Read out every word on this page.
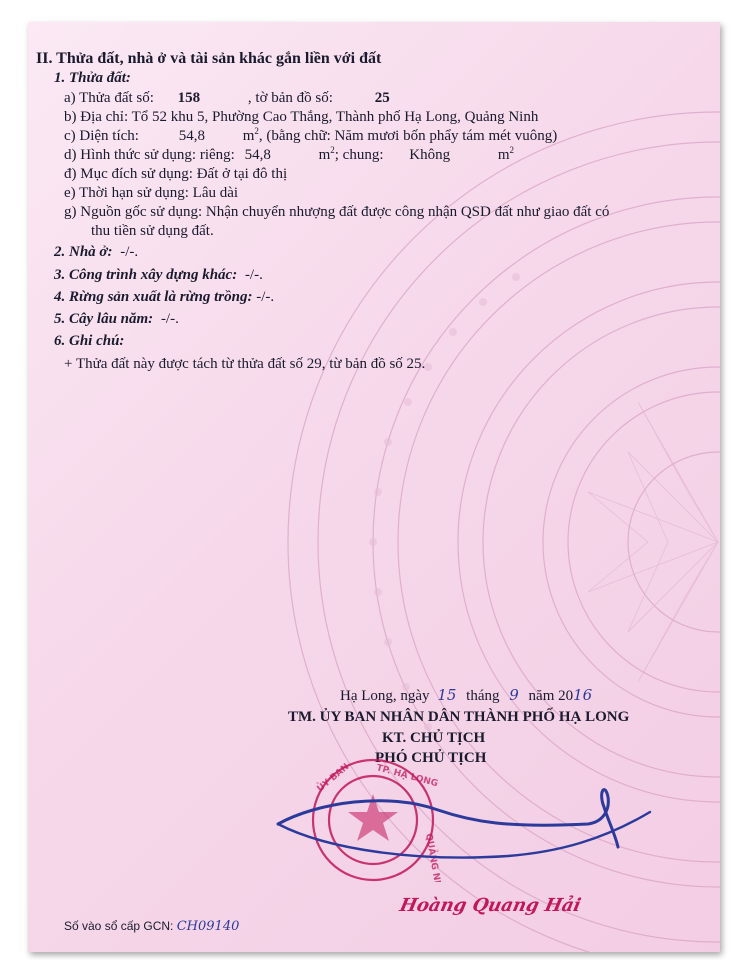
II. Thửa đất, nhà ở và tài sản khác gắn liền với đất
1. Thửa đất:
a) Thửa đất số: 158	, tờ bản đồ số:	25
b) Địa chỉ: Tổ 52 khu 5, Phường Cao Thắng, Thành phố Hạ Long, Quảng Ninh
c) Diện tích:	54,8	$m^2$, (bằng chữ: Năm mươi bốn phẩy tám mét vuông)
d) Hình thức sử dụng: riêng: 54,8	$m^2$; chung: Không	$m^2$
đ) Mục đích sử dụng: Đất ở tại đô thị
e) Thời hạn sử dụng: Lâu dài
g) Nguồn gốc sử dụng: Nhận chuyển nhượng đất được công nhận QSD đất như giao đất có
thu tiền sử dụng đất.
2. Nhà ở: -/-.
3. Công trình xây dựng khác: -/-.
4. Rừng sản xuất là rừng trồng: -/-.
5. Cây lâu năm: -/-.
6. Ghi chú:
+ Thửa đất này được tách từ thửa đất số 29, từ bản đồ số 25.
Hạ Long, ngày 15 tháng 9 năm 2016
TM. ỦY BAN NHÂN DÂN THÀNH PHỐ HẠ LONG
KT. CHỦ TỊCH
PHÓ CHỦ TỊCH
ỦY BAN	TP. HẠ LONG
QUẢNG NINH
Hoàng Quang Hải
Số vào sổ cấp GCN: CH09140
